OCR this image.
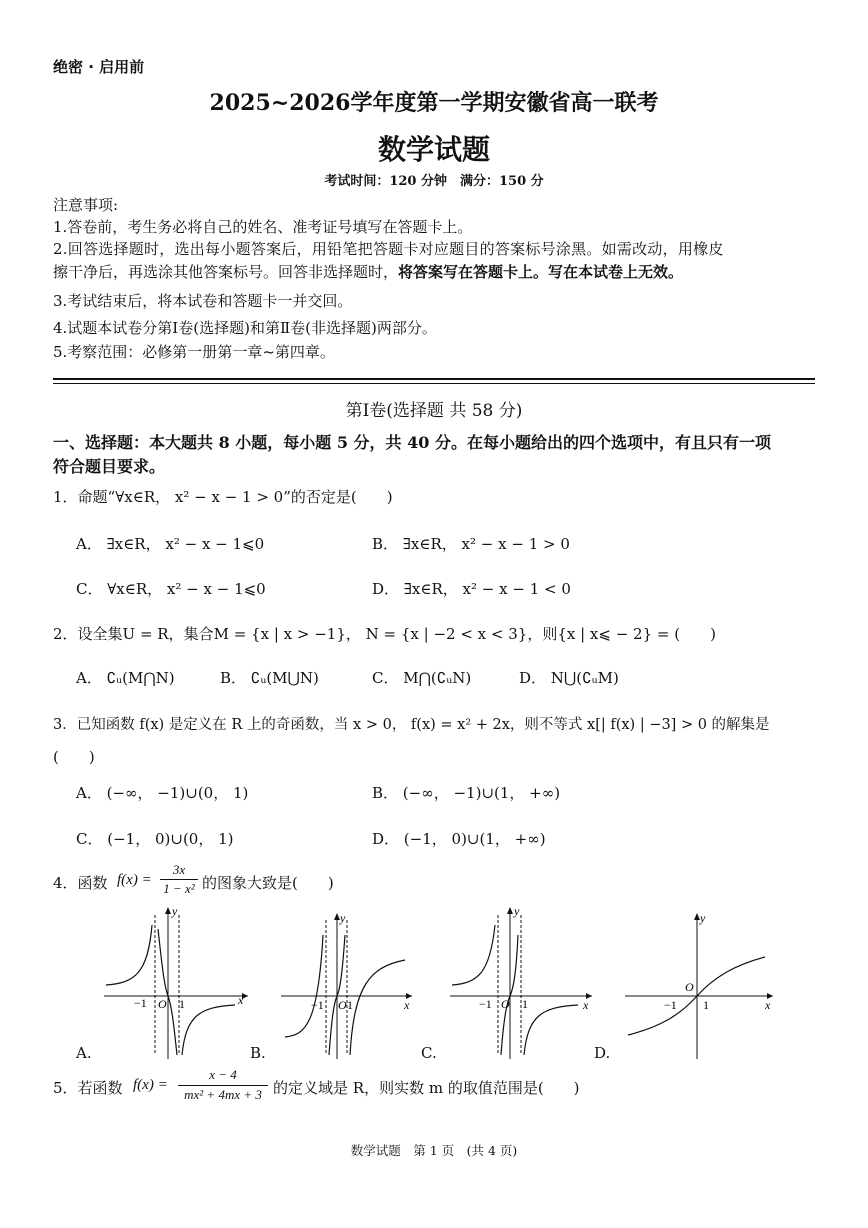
绝密 · 启用前
2025~2026学年度第一学期安徽省高一联考
数学试题
考试时间：120 分钟　满分：150 分
注意事项:
1.答卷前，考生务必将自己的姓名、准考证号填写在答题卡上。
2.回答选择题时，选出每小题答案后，用铅笔把答题卡对应题目的答案标号涂黑。如需改动，用橡皮
擦干净后，再选涂其他答案标号。回答非选择题时，将答案写在答题卡上。写在本试卷上无效。
3.考试结束后，将本试卷和答题卡一并交回。
4.试题本试卷分第Ⅰ卷(选择题)和第Ⅱ卷(非选择题)两部分。
5.考察范围：必修第一册第一章~第四章。
第Ⅰ卷(选择题 共 58 分)
一、选择题：本大题共 8 小题，每小题 5 分，共 40 分。在每小题给出的四个选项中，有且只有一项
符合题目要求。
1．命题“∀x∈R， x² − x − 1 > 0”的否定是(　　)
A． ∃x∈R， x² − x − 1⩽0	B． ∃x∈R， x² − x − 1 > 0
C． ∀x∈R， x² − x − 1⩽0	D． ∃x∈R， x² − x − 1 < 0
2．设全集U = R，集合M = {x | x > −1}， N = {x | −2 < x < 3}，则{x | x⩽ − 2} = (　　)
A． ∁ᵤ(M⋂N)	B． ∁ᵤ(M⋃N)	C． M⋂(∁ᵤN)	D． N⋃(∁ᵤM)
3．已知函数 f(x) 是定义在 R 上的奇函数，当 x > 0， f(x) = x² + 2x，则不等式 x[| f(x) | −3] > 0 的解集是
(　　)
A． (−∞， −1)∪(0， 1)	B． (−∞， −1)∪(1， +∞)
C． (−1， 0)∪(0， 1)	D． (−1， 0)∪(1， +∞)
4．函数 f(x) =
3x
1 − x² 的图象大致是(　　)
x
y
−1 O 1	x
y
−1 O 1	x
y
−1 O 1	x
y
−1
O
1
A.	B.	C.	D.
5．若函数 f(x) =
x − 4
mx² + 4mx + 3 的定义域是 R，则实数 m 的取值范围是(　　)
数学试题　第 1 页　(共 4 页)
